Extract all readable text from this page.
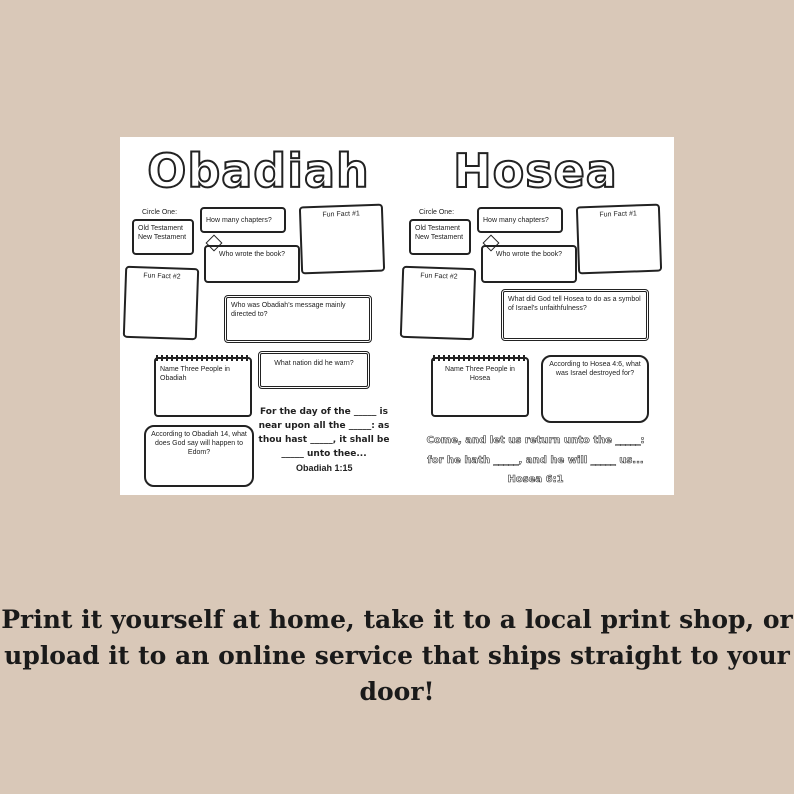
Obadiah
Circle One:
Old Testament
New Testament
How many chapters?_______
Fun Fact #1
Who wrote the book?
Fun Fact #2
Who was Obadiah's message mainly directed to?
Name Three People in Obadiah
What nation did he warn?
According to Obadiah 14, what does God say will happen to Edom?
For the day of the _____ is near upon all the _____: as thou hast _____, it shall be _____ unto thee...
Obadiah 1:15
Hosea
Circle One:
Old Testament
New Testament
How many chapters?______
Fun Fact #1
Who wrote the book?
Fun Fact #2
What did God tell Hosea to do as a symbol of Israel's unfaithfulness?
Name Three People in Hosea
According to Hosea 4:6, what was Israel destroyed for?
Come, and let us return unto the _____:
for he hath _____, and he will _____ us...
Hosea 6:1
Print it yourself at home, take it to a local print shop, or upload it to an online service that ships straight to your door!
